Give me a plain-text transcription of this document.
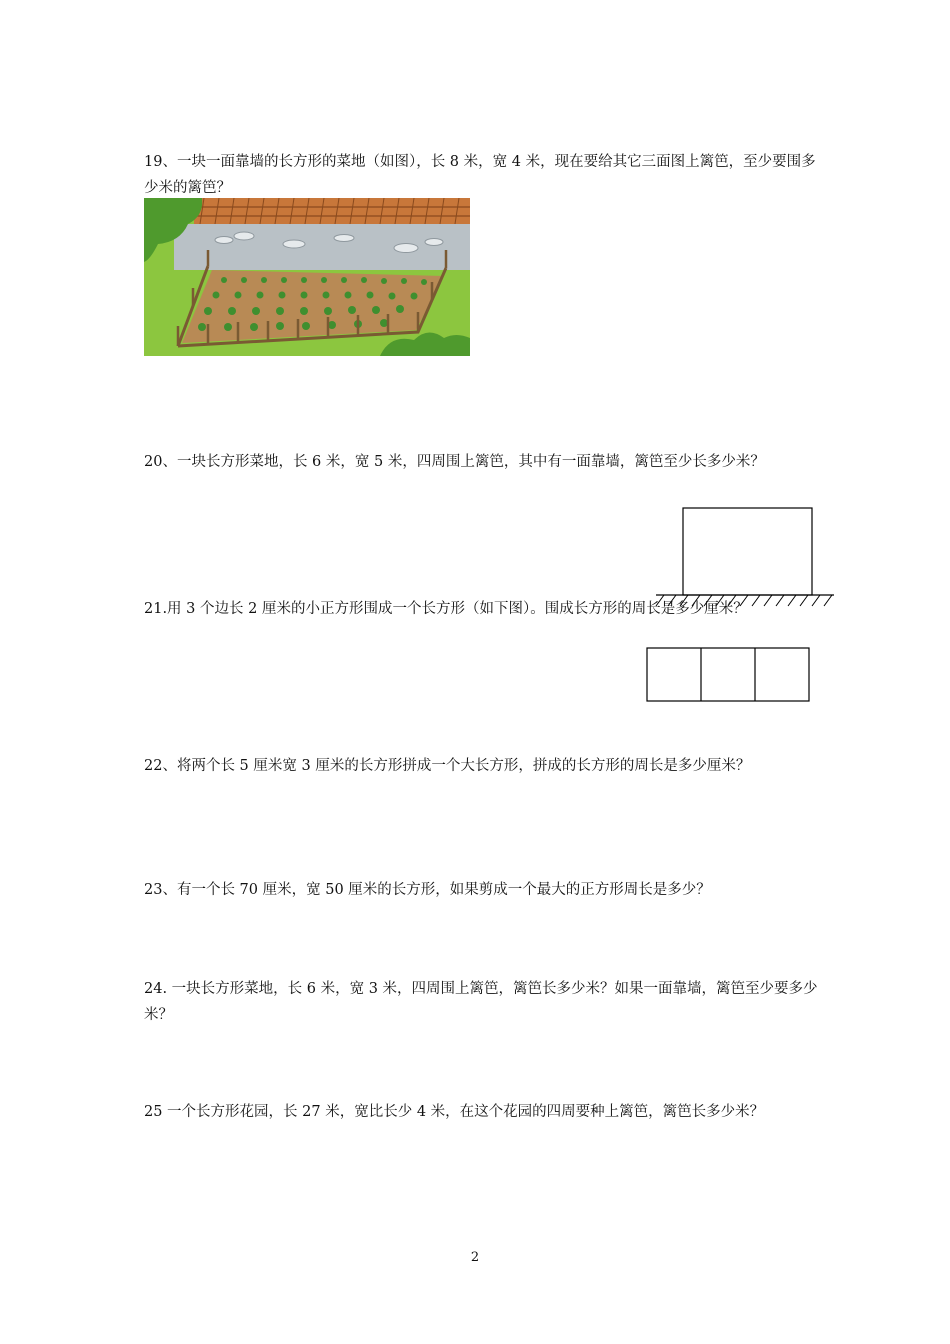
19、一块一面靠墙的长方形的菜地（如图），长 8 米，宽 4 米，现在要给其它三面图上篱笆，至少要围多少米的篱笆？

20、一块长方形菜地，长 6 米，宽 5 米，四周围上篱笆，其中有一面靠墙，篱笆至少长多少米？

21.用 3 个边长 2 厘米的小正方形围成一个长方形（如下图）。围成长方形的周长是多少厘米？

22、将两个长 5 厘米宽 3 厘米的长方形拼成一个大长方形，拼成的长方形的周长是多少厘米？

23、有一个长 70 厘米，宽 50 厘米的长方形，如果剪成一个最大的正方形周长是多少？

24. 一块长方形菜地，长 6 米，宽 3 米，四周围上篱笆，篱笆长多少米？如果一面靠墙，篱笆至少要多少米？

25 一个长方形花园，长 27 米，宽比长少 4 米，在这个花园的四周要种上篱笆，篱笆长多少米？

2
